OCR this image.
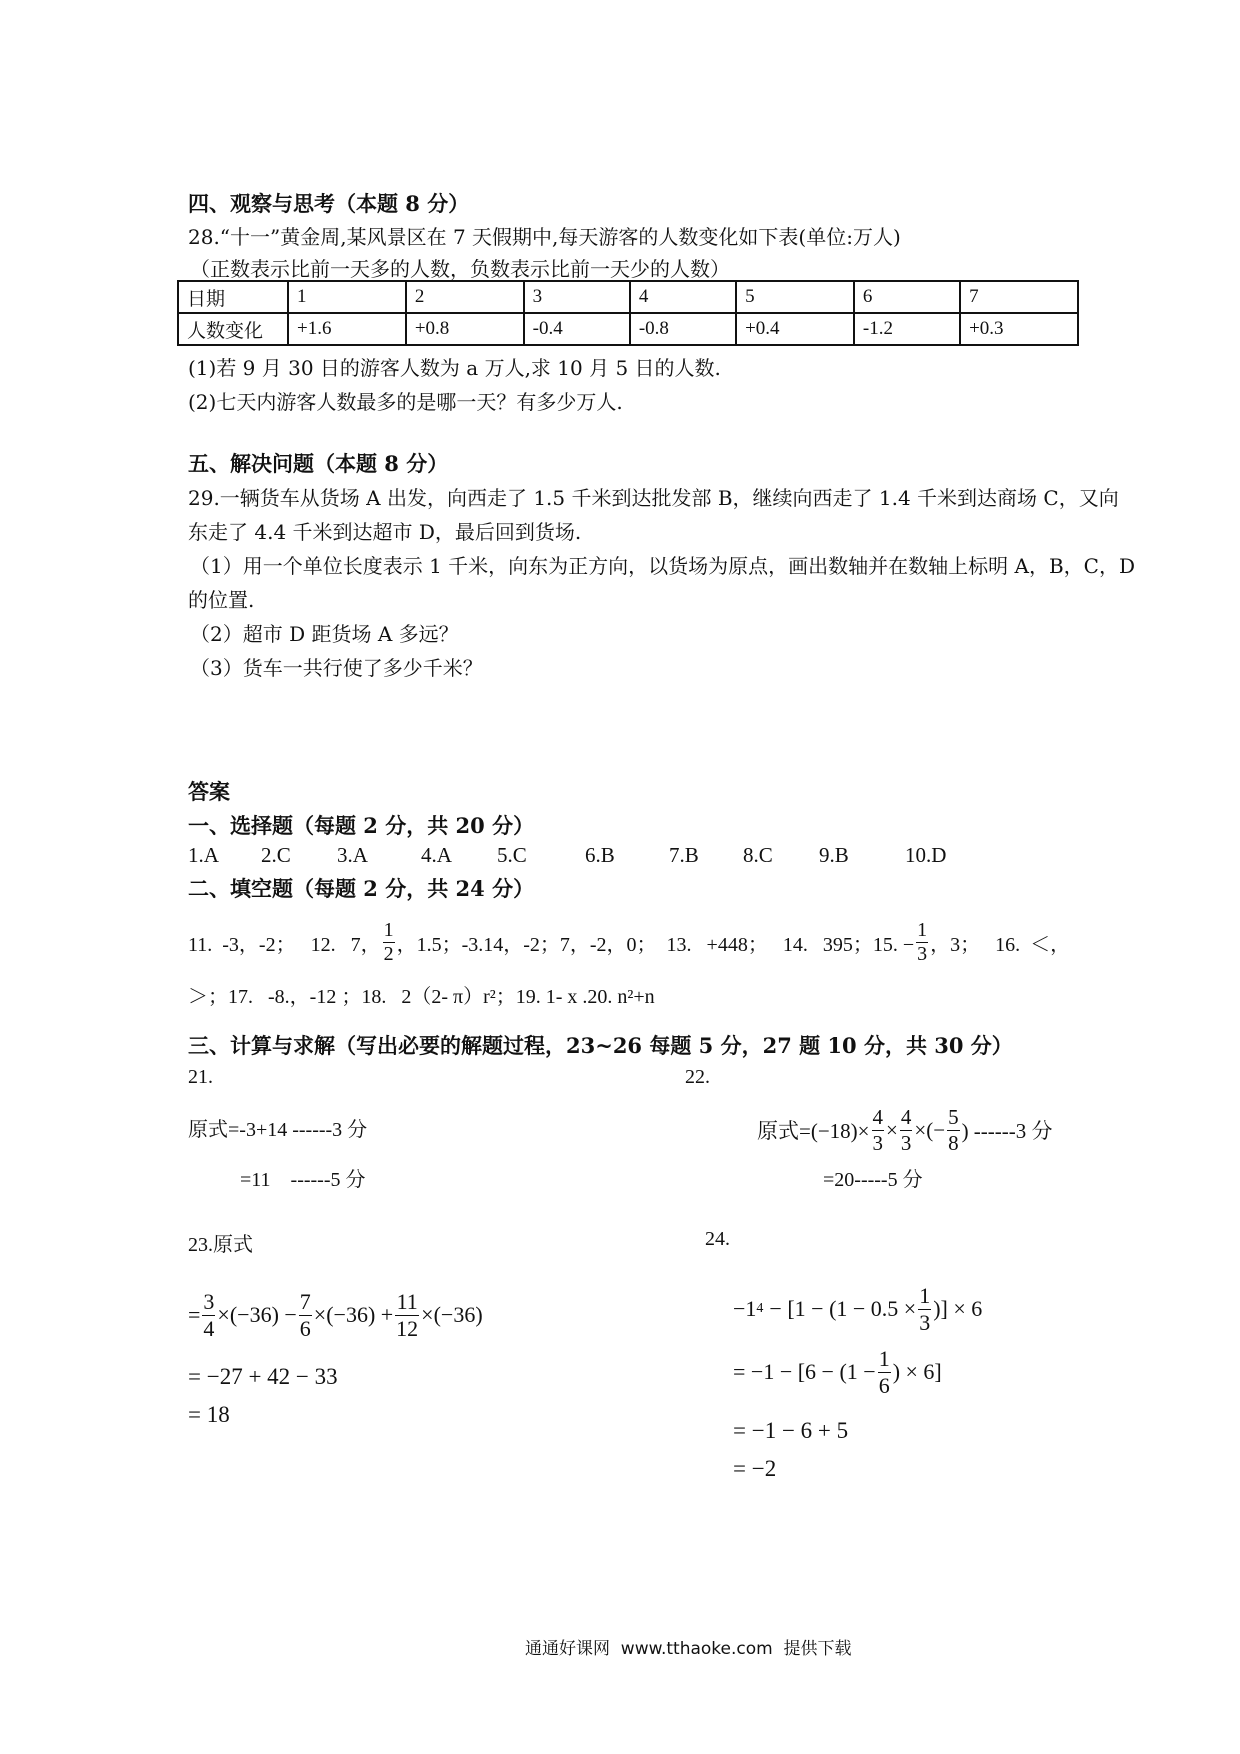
四、观察与思考（本题 8 分）
28.“十一”黄金周,某风景区在 7 天假期中,每天游客的人数变化如下表(单位:万人)
（正数表示比前一天多的人数，负数表示比前一天少的人数）
日期	1	2	3	4	5	6	7
人数变化	+1.6	+0.8	-0.4	-0.8	+0.4	-1.2	+0.3
(1)若 9 月 30 日的游客人数为 a 万人,求 10 月 5 日的人数.
(2)七天内游客人数最多的是哪一天？有多少万人.
五、解决问题（本题 8 分）
29.一辆货车从货场 A 出发，向西走了 1.5 千米到达批发部 B，继续向西走了 1.4 千米到达商场 C，又向
东走了 4.4 千米到达超市 D，最后回到货场.
（1）用一个单位长度表示 1 千米，向东为正方向，以货场为原点，画出数轴并在数轴上标明 A，B，C，D
的位置.
（2）超市 D 距货场 A 多远？
（3）货车一共行使了多少千米？
答案
一、选择题（每题 2 分，共 20 分）
1.A 2.C 3.A	4.A 5.C	6.B	7.B 8.C 9.B	10.D
二、填空题（每题 2 分，共 24 分）
11.  -3，-2；   12.   7， $\frac{1}{2}$ ，1.5；-3.14，-2；7，-2，0；  13.   +448；   14.   395；15. − $\frac{1}{3}$ ，3；   16.  ＜，
＞；17.   -8.，-12 ；18.   2（2- π）r²；19. 1- x .20. n²+n
三、计算与求解（写出必要的解题过程，23~26 每题 5 分，27 题 10 分，共 30 分）
21.
原式=-3+14 ------3 分
=11    ------5 分
22.
原式$=(-18)\times \frac{4}{3} \times \frac{4}{3}$ ×(− $\frac{5}{8}$ ) ------3 分
=20-----5 分
23.原式
= $\frac{3}{4} \times(-36) - \frac{7}{6} \times(-36) + \frac{11}{12} \times(-36)$
= −27 + 42 − 33
= 18
24.
−1 $4 - [1 - (1 - 0.5 \times \frac{1}{3}$ )] × 6
= $-1 - [6 - (1 - \frac{1}{6}$ ) × 6]
= −1 − 6 + 5
= −2
通通好课网  www.tthaoke.com  提供下载
